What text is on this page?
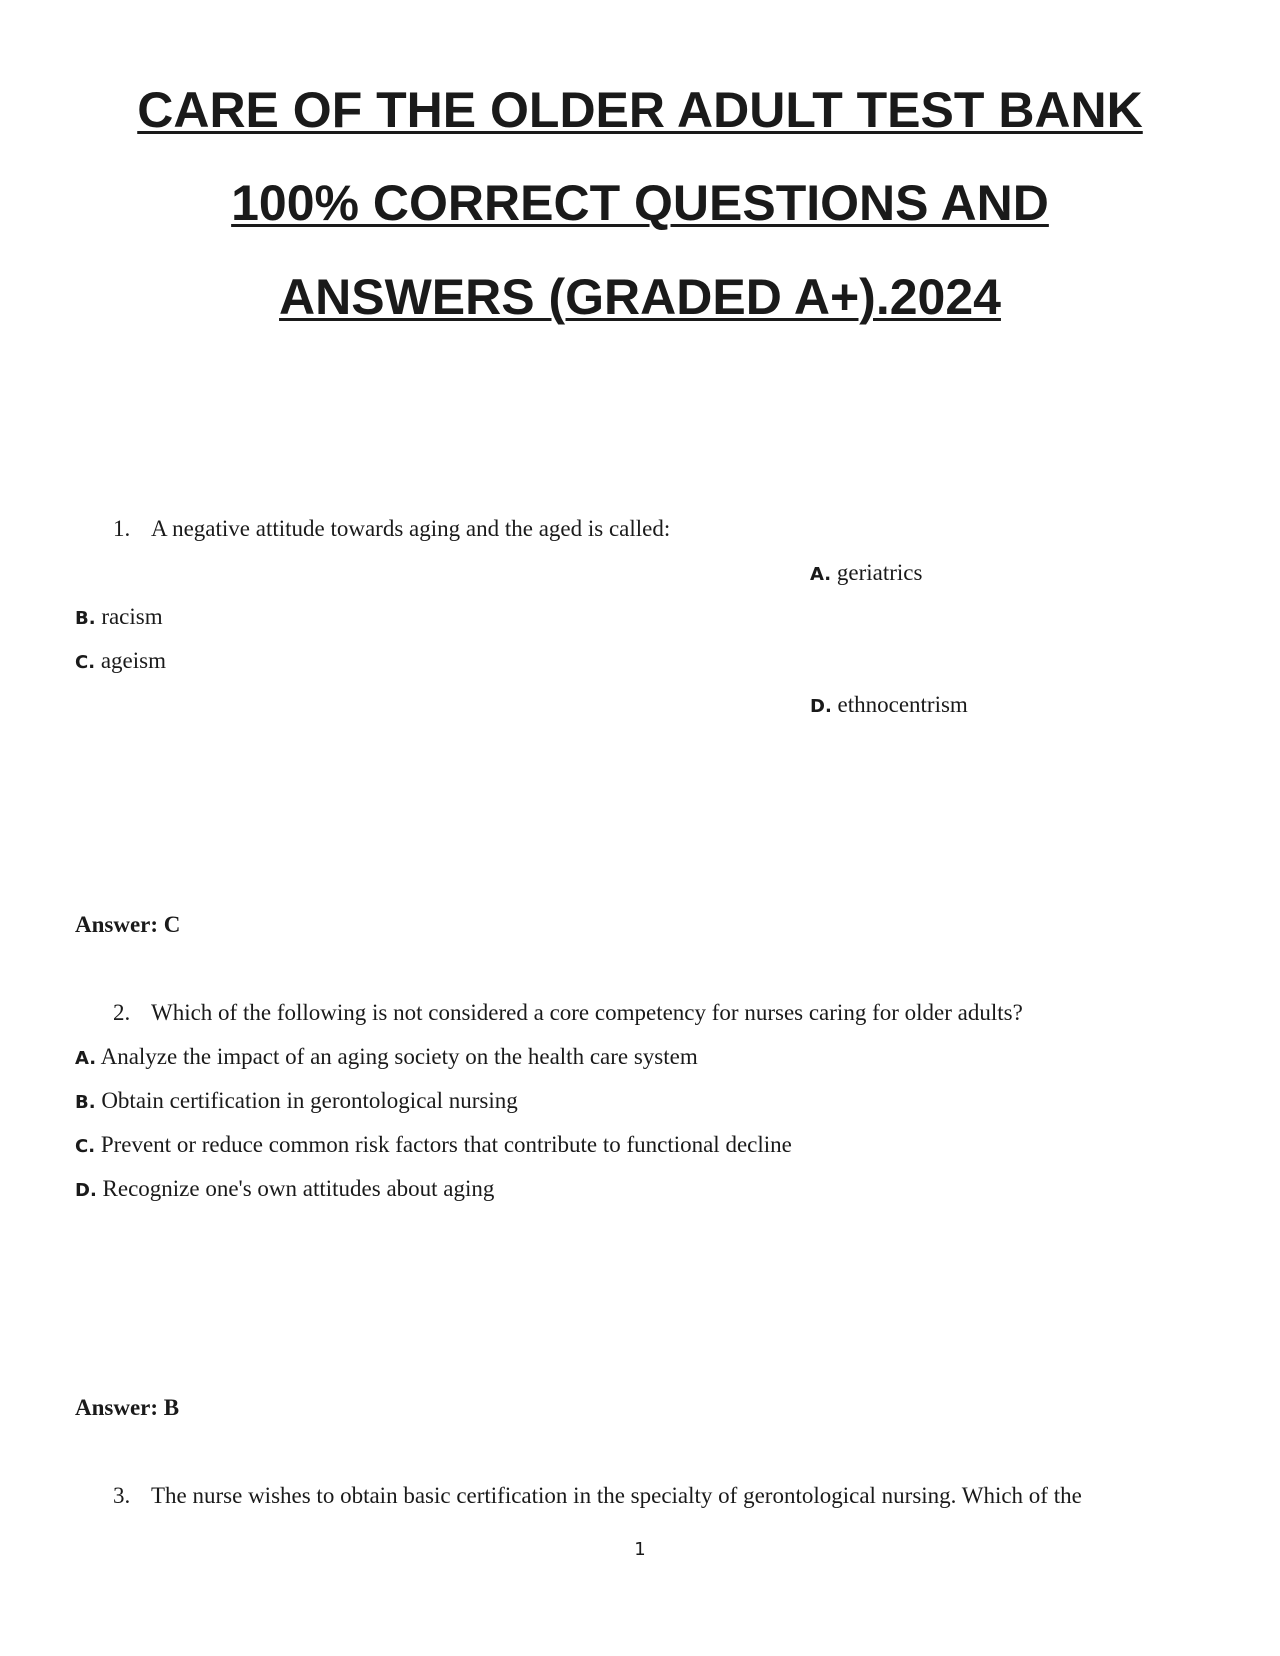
CARE OF THE OLDER ADULT TEST BANK
100% CORRECT QUESTIONS AND
ANSWERS (GRADED A+).2024
1. A negative attitude towards aging and the aged is called:
A. geriatrics
B. racism
C. ageism
D. ethnocentrism
Answer: C
2. Which of the following is not considered a core competency for nurses caring for older adults?
A. Analyze the impact of an aging society on the health care system
B. Obtain certification in gerontological nursing
C. Prevent or reduce common risk factors that contribute to functional decline
D. Recognize one's own attitudes about aging
Answer: B
3. The nurse wishes to obtain basic certification in the specialty of gerontological nursing. Which of the
1
